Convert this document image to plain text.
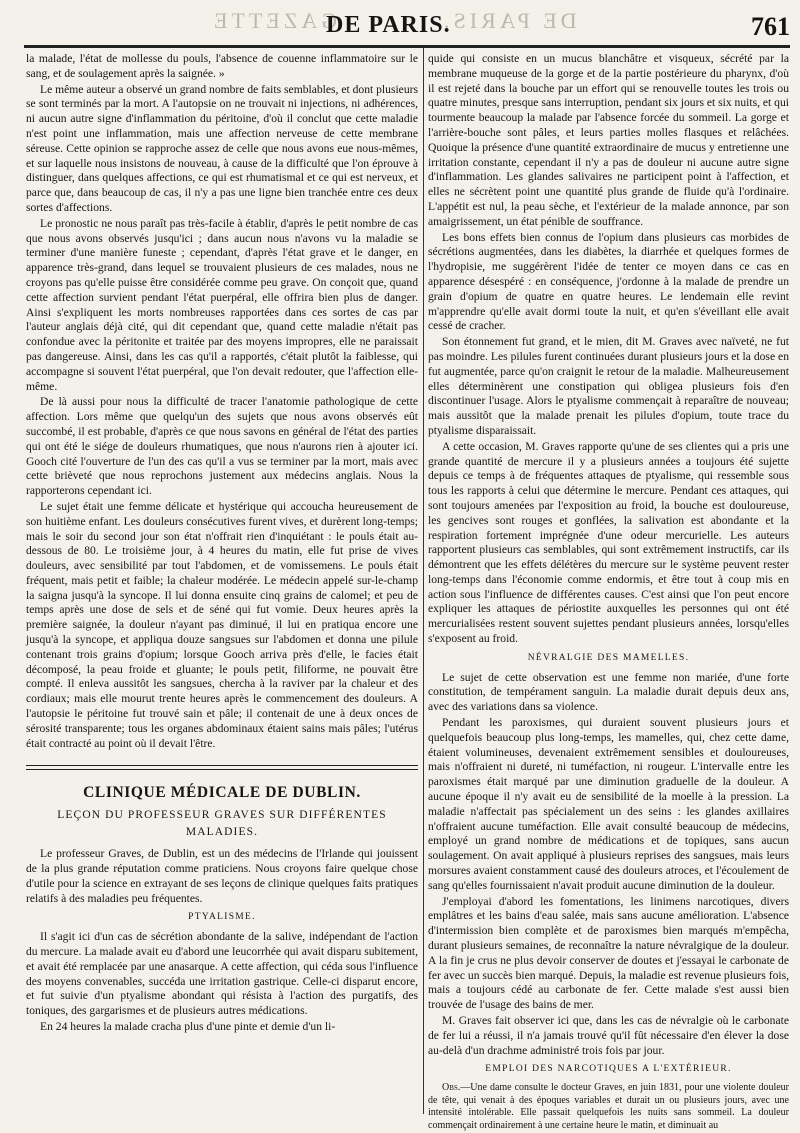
GAZETTE	DE PARIS.
DE PARIS.	761

la malade, l'état de mollesse du pouls, l'absence de couenne inflammatoire sur le sang, et de soulagement après la saignée. »

Le même auteur a observé un grand nombre de faits semblables, et dont plusieurs se sont terminés par la mort. A l'autopsie on ne trouvait ni injections, ni adhérences, ni aucun autre signe d'inflammation du péritoine, d'où il conclut que cette maladie n'est point une inflammation, mais une affection nerveuse de cette membrane séreuse. Cette opinion se rapproche assez de celle que nous avons eue nous-mêmes, et sur laquelle nous insistons de nouveau, à cause de la difficulté que l'on éprouve à distinguer, dans quelques affections, ce qui est rhumatismal et ce qui est nerveux, et parce que, dans beaucoup de cas, il n'y a pas une ligne bien tranchée entre ces deux sortes d'affections.

Le pronostic ne nous paraît pas très-facile à établir, d'après le petit nombre de cas que nous avons observés jusqu'ici ; dans aucun nous n'avons vu la maladie se terminer d'une manière funeste ; cependant, d'après l'état grave et le danger, en apparence très-grand, dans lequel se trouvaient plusieurs de ces malades, nous ne croyons pas qu'elle puisse être considérée comme peu grave. On conçoit que, quand cette affection survient pendant l'état puerpéral, elle offrira bien plus de danger. Ainsi s'expliquent les morts nombreuses rapportées dans ces sortes de cas par l'auteur anglais déjà cité, qui dit cependant que, quand cette maladie n'était pas confondue avec la péritonite et traitée par des moyens impropres, elle ne paraissait pas dangereuse. Ainsi, dans les cas qu'il a rapportés, c'était plutôt la faiblesse, qui accompagne si souvent l'état puerpéral, que l'on devait redouter, que l'affection elle-même.

De là aussi pour nous la difficulté de tracer l'anatomie pathologique de cette affection. Lors même que quelqu'un des sujets que nous avons observés eût succombé, il est probable, d'après ce que nous savons en général de l'état des parties qui ont été le siége de douleurs rhumatiques, que nous n'aurons rien à ajouter ici. Gooch cité l'ouverture de l'un des cas qu'il a vus se terminer par la mort, mais avec cette brièveté que nous reprochons justement aux médecins anglais. Nous la rapporterons cependant ici.

Le sujet était une femme délicate et hystérique qui accoucha heureusement de son huitième enfant. Les douleurs consécutives furent vives, et durèrent long-temps; mais le soir du second jour son état n'offrait rien d'inquiétant : le pouls était au-dessous de 80. Le troisième jour, à 4 heures du matin, elle fut prise de vives douleurs, avec sensibilité par tout l'abdomen, et de vomissemens. Le pouls était fréquent, mais petit et faible; la chaleur modérée. Le médecin appelé sur-le-champ la saigna jusqu'à la syncope. Il lui donna ensuite cinq grains de calomel; et peu de temps après une dose de sels et de séné qui fut vomie. Deux heures après la première saignée, la douleur n'ayant pas diminué, il lui en pratiqua encore une jusqu'à la syncope, et appliqua douze sangsues sur l'abdomen et donna une pilule contenant trois grains d'opium; lorsque Gooch arriva près d'elle, le facies était décomposé, la peau froide et gluante; le pouls petit, filiforme, ne pouvait être compté. Il enleva aussitôt les sangsues, chercha à la raviver par la chaleur et des cordiaux; mais elle mourut trente heures après le commencement des douleurs. A l'autopsie le péritoine fut trouvé sain et pâle; il contenait de une à deux onces de sérosité transparente; tous les organes abdominaux étaient sains mais pâles; l'utérus était contracté au point où il devait l'être.

CLINIQUE MÉDICALE DE DUBLIN.
LEÇON DU PROFESSEUR GRAVES SUR DIFFÉRENTES MALADIES.

Le professeur Graves, de Dublin, est un des médecins de l'Irlande qui jouissent de la plus grande réputation comme praticiens. Nous croyons faire quelque chose d'utile pour la science en extrayant de ses leçons de clinique quelques faits pratiques relatifs à des maladies peu fréquentes.

PTYALISME.

Il s'agit ici d'un cas de sécrétion abondante de la salive, indépendant de l'action du mercure. La malade avait eu d'abord une leucorrhée qui avait disparu subitement, et avait été remplacée par une anasarque. A cette affection, qui céda sous l'influence des moyens convenables, succéda une irritation gastrique. Celle-ci disparut encore, et fut suivie d'un ptyalisme abondant qui résista à l'action des purgatifs, des toniques, des gargarismes et de plusieurs autres médications.

En 24 heures la malade cracha plus d'une pinte et demie d'un li-

quide qui consiste en un mucus blanchâtre et visqueux, sécrété par la membrane muqueuse de la gorge et de la partie postérieure du pharynx, d'où il est rejeté dans la bouche par un effort qui se renouvelle toutes les trois ou quatre minutes, presque sans interruption, pendant six jours et six nuits, et qui tourmente beaucoup la malade par l'absence forcée du sommeil. La gorge et l'arrière-bouche sont pâles, et leurs parties molles flasques et relâchées. Quoique la présence d'une quantité extraordinaire de mucus y entretienne une irritation constante, cependant il n'y a pas de douleur ni aucune autre signe d'inflammation. Les glandes salivaires ne participent point à l'affection, et elles ne sécrètent point une quantité plus grande de fluide qu'à l'ordinaire. L'appétit est nul, la peau sèche, et l'extérieur de la malade annonce, par son amaigrissement, un état pénible de souffrance.

Les bons effets bien connus de l'opium dans plusieurs cas morbides de sécrétions augmentées, dans les diabètes, la diarrhée et quelques formes de l'hydropisie, me suggérèrent l'idée de tenter ce moyen dans ce cas en apparence désespéré : en conséquence, j'ordonne à la malade de prendre un grain d'opium de quatre en quatre heures. Le lendemain elle revint m'apprendre qu'elle avait dormi toute la nuit, et qu'en s'éveillant elle avait cessé de cracher.

Son étonnement fut grand, et le mien, dit M. Graves avec naïveté, ne fut pas moindre. Les pilules furent continuées durant plusieurs jours et la dose en fut augmentée, parce qu'on craignit le retour de la maladie. Malheureusement elles déterminèrent une constipation qui obligea plusieurs fois d'en discontinuer l'usage. Alors le ptyalisme commençait à reparaître de nouveau; mais aussitôt que la malade prenait les pilules d'opium, toute trace du ptyalisme disparaissait.

A cette occasion, M. Graves rapporte qu'une de ses clientes qui a pris une grande quantité de mercure il y a plusieurs années a toujours été sujette depuis ce temps à de fréquentes attaques de ptyalisme, qui ressemble sous tous les rapports à celui que détermine le mercure. Pendant ces attaques, qui sont toujours amenées par l'exposition au froid, la bouche est douloureuse, les gencives sont rouges et gonflées, la salivation est abondante et la respiration fortement imprégnée d'une odeur mercurielle. Les auteurs rapportent plusieurs cas semblables, qui sont extrêmement instructifs, car ils démontrent que les effets délétères du mercure sur le système peuvent rester long-temps dans l'économie comme endormis, et être tout à coup mis en action sous l'influence de différentes causes. C'est ainsi que l'on peut encore expliquer les attaques de périostite auxquelles les personnes qui ont été mercurialisées restent souvent sujettes pendant plusieurs années, lorsqu'elles s'exposent au froid.

NÉVRALGIE DES MAMELLES.

Le sujet de cette observation est une femme non mariée, d'une forte constitution, de tempérament sanguin. La maladie durait depuis deux ans, avec des variations dans sa violence.

Pendant les paroxismes, qui duraient souvent plusieurs jours et quelquefois beaucoup plus long-temps, les mamelles, qui, chez cette dame, étaient volumineuses, devenaient extrêmement sensibles et douloureuses, mais n'offraient ni dureté, ni tuméfaction, ni rougeur. L'intervalle entre les paroxismes était marqué par une diminution graduelle de la douleur. A aucune époque il n'y avait eu de sensibilité de la moelle à la pression. La maladie n'affectait pas spécialement un des seins : les glandes axillaires n'offraient aucune tuméfaction. Elle avait consulté beaucoup de médecins, employé un grand nombre de médications et de topiques, sans aucun soulagement. On avait appliqué à plusieurs reprises des sangsues, mais leurs morsures avaient constamment causé des douleurs atroces, et l'écoulement de sang qu'elles fournissaient n'avait produit aucune diminution de la douleur.

J'employai d'abord les fomentations, les linimens narcotiques, divers emplâtres et les bains d'eau salée, mais sans aucune amélioration. L'absence d'intermission bien complète et de paroxismes bien marqués m'empêcha, durant plusieurs semaines, de reconnaître la nature névralgique de la douleur. A la fin je crus ne plus devoir conserver de doutes et j'essayai le carbonate de fer avec un succès bien marqué. Depuis, la maladie est revenue plusieurs fois, mais a toujours cédé au carbonate de fer. Cette malade s'est aussi bien trouvée de l'usage des bains de mer.

M. Graves fait observer ici que, dans les cas de névralgie où le carbonate de fer lui a réussi, il n'a jamais trouvé qu'il fût nécessaire d'en élever la dose au-delà d'un drachme administré trois fois par jour.

EMPLOI DES NARCOTIQUES A L'EXTÉRIEUR.

Obs.—Une dame consulte le docteur Graves, en juin 1831, pour une violente douleur de tête, qui venait à des époques variables et durait un ou plusieurs jours, avec une intensité intolérable. Elle passait quelquefois les nuits sans sommeil. La douleur commençait ordinairement à une certaine heure le matin, et diminuait au
